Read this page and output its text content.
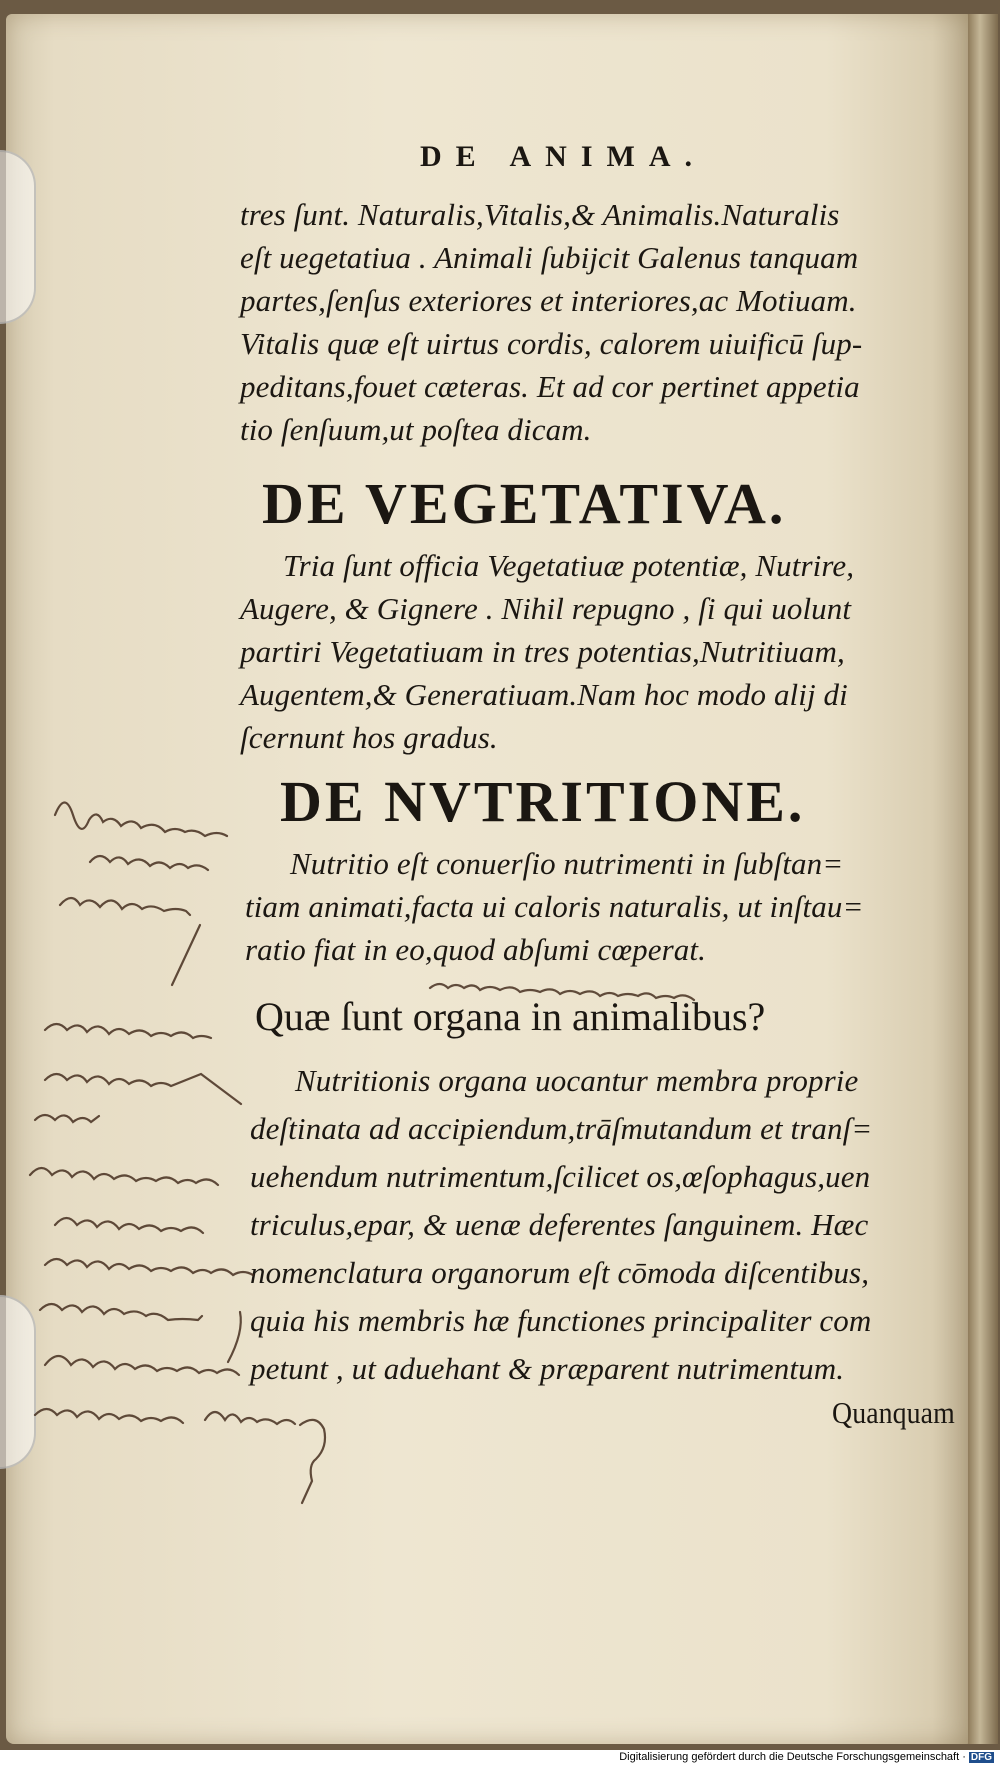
DE ANIMA.
tres ſunt. Naturalis,Vitalis,& Animalis.Naturalis
eſt uegetatiua . Animali ſubijcit Galenus tanquam
partes,ſenſus exteriores et interiores,ac Motiuam.
Vitalis quæ eſt uirtus cordis, calorem uiuificū ſup-
peditans,fouet cæteras. Et ad cor pertinet appetia
tio ſenſuum,ut poſtea dicam.
DE VEGETATIVA.
Tria ſunt officia Vegetatiuæ potentiæ, Nutrire,
Augere, & Gignere . Nihil repugno , ſi qui uolunt
partiri Vegetatiuam in tres potentias,Nutritiuam,
Augentem,& Generatiuam.Nam hoc modo alij di
ſcernunt hos gradus.
DE NVTRITIONE.
Nutritio eſt conuerſio nutrimenti in ſubſtan=
tiam animati,facta ui caloris naturalis, ut inſtau=
ratio fiat in eo,quod abſumi cœperat.
Quæ ſunt organa in animalibus?
Nutritionis organa uocantur membra proprie
deſtinata ad accipiendum,trāſmutandum et tranſ=
uehendum nutrimentum,ſcilicet os,œſophagus,uen
triculus,epar, & uenæ deferentes ſanguinem. Hæc
nomenclatura organorum eſt cōmoda diſcentibus,
quia his membris hæ functiones principaliter com
petunt , ut aduehant & præparent nutrimentum.
Quanquam
Digitalisierung gefördert durch die Deutsche Forschungsgemeinschaft · DFG
